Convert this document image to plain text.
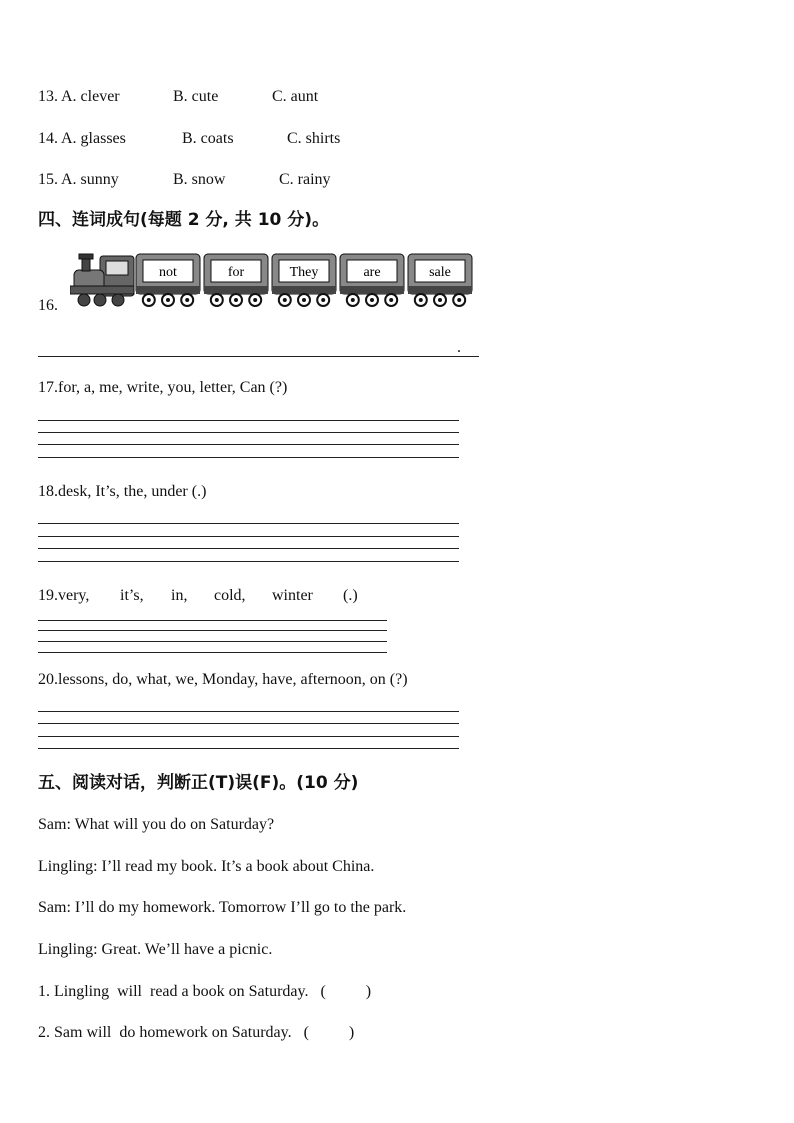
13. A. clever	B. cute	C. aunt
14. A. glasses	B. coats	C. shirts
15. A. sunny	B. snow	C. rainy
四、连词成句(每题 2 分, 共 10 分)。
16.
not	for	They	are	sale
.
17.for, a, me, write, you, letter, Can (?)
18.desk, It’s, the, under (.)
19.very, it’s, in, cold, winter (.)
20.lessons, do, what, we, Monday, have, afternoon, on (?)
五、阅读对话，判断正(T)误(F)。(10 分)
Sam: What will you do on Saturday?
Lingling: I’ll read my book. It’s a book about China.
Sam: I’ll do my homework. Tomorrow I’ll go to the park.
Lingling: Great. We’ll have a picnic.
1. Lingling  will  read a book on Saturday.   (          )
2. Sam will  do homework on Saturday.   (          )
